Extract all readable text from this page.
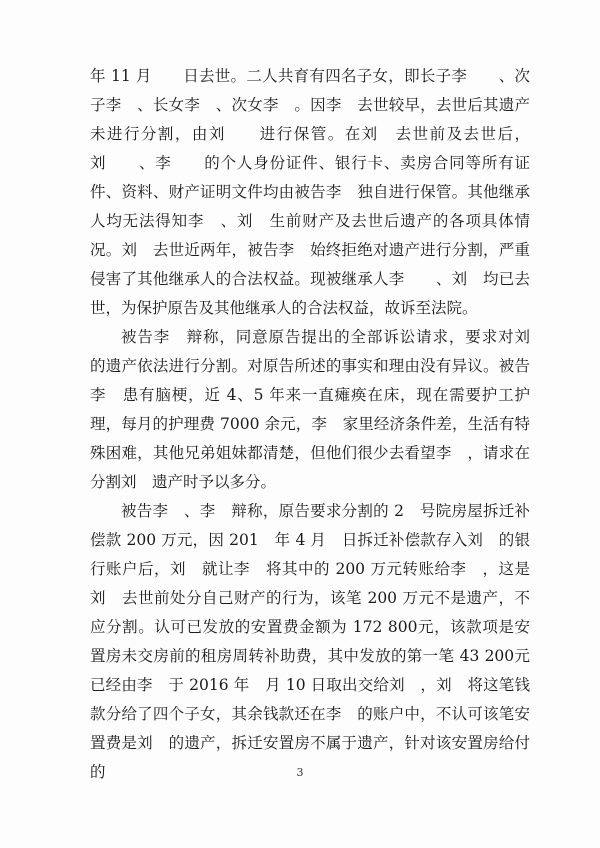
年 11 月　　日去世。二人共育有四名子女，即长子李　　、次子李　、长女李　、次女李　。因李　去世较早，去世后其遗产未进行分割，由刘　　进行保管。在刘　去世前及去世后，刘　　、李　　的个人身份证件、银行卡、卖房合同等所有证件、资料、财产证明文件均由被告李　独自进行保管。其他继承人均无法得知李　、刘　生前财产及去世后遗产的各项具体情况。刘　去世近两年，被告李　始终拒绝对遗产进行分割，严重侵害了其他继承人的合法权益。现被继承人李　　、刘　均已去世，为保护原告及其他继承人的合法权益，故诉至法院。

被告李　辩称，同意原告提出的全部诉讼请求，要求对刘　的遗产依法进行分割。对原告所述的事实和理由没有异议。被告李　患有脑梗，近 4、5 年来一直瘫痪在床，现在需要护工护理，每月的护理费 7000 余元，李　家里经济条件差，生活有特殊困难，其他兄弟姐妹都清楚，但他们很少去看望李　，请求在分割刘　遗产时予以多分。

被告李　、李　辩称，原告要求分割的 2　号院房屋拆迁补偿款 200 万元，因 201　年 4 月　日拆迁补偿款存入刘　的银行账户后，刘　就让李　将其中的 200 万元转账给李　，这是刘　去世前处分自己财产的行为，该笔 200 万元不是遗产，不应分割。认可已发放的安置费金额为 172 800元，该款项是安置房未交房前的租房周转补助费，其中发放的第一笔 43 200元已经由李　于 2016 年　月 10 日取出交给刘　，刘　将这笔钱款分给了四个子女，其余钱款还在李　的账户中，不认可该笔安置费是刘　的遗产，拆迁安置房不属于遗产，针对该安置房给付的	3
